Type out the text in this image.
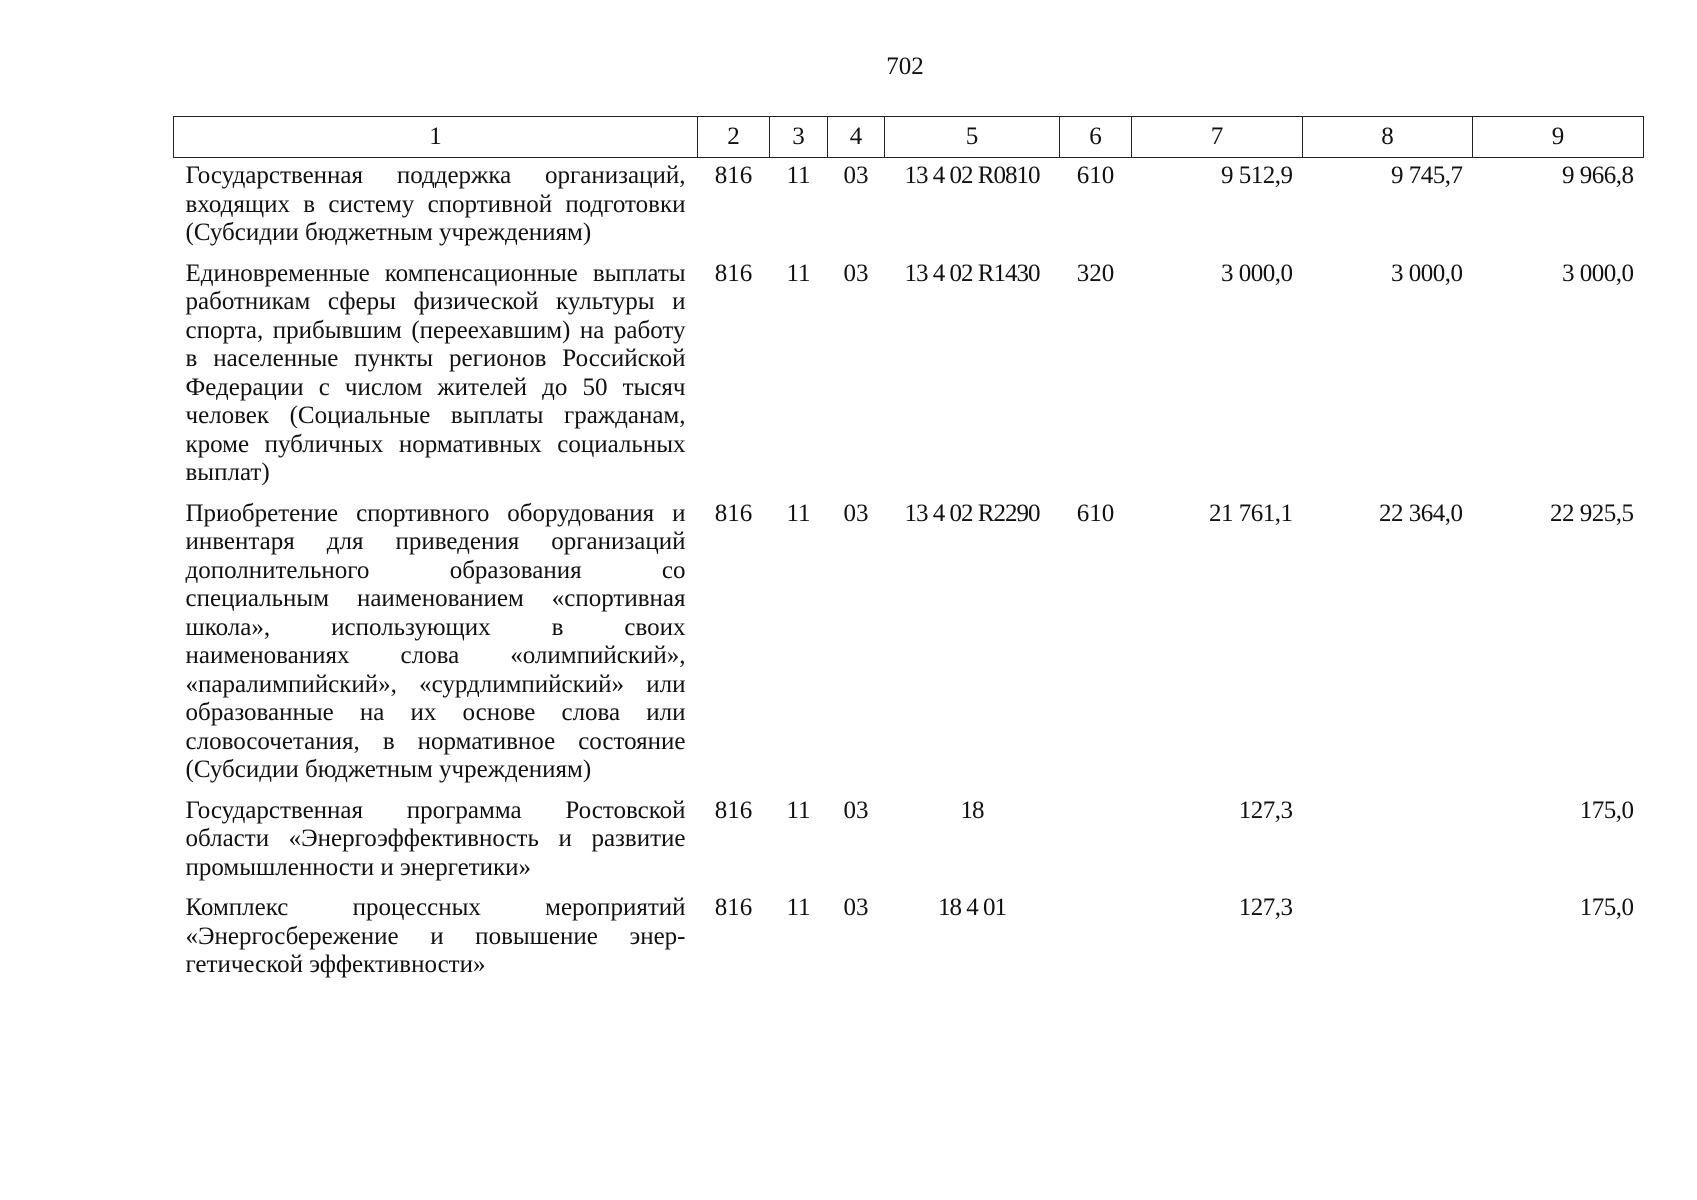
702
1	2	3	4	5	6	7	8	9
Государственная поддержка организаций, входящих в систему спортивной подготовки (Субсидии бюджетным учреждениям)	816	11	03	13 4 02 R0810	610	9 512,9	9 745,7	9 966,8
Единовременные компенсационные выплаты работникам сферы физической культуры и спорта, прибывшим (переехавшим) на работу в населенные пункты регионов Российской Федерации с числом жителей до 50 тысяч человек (Социальные выплаты гражданам, кроме публичных нормативных социальных выплат)	816	11	03	13 4 02 R1430	320	3 000,0	3 000,0	3 000,0
Приобретение спортивного оборудования и инвентаря для приведения организаций дополнительного образования со специальным наименованием «спортивная школа», использующих в своих наименованиях слова «олимпийский», «паралимпийский», «сурдлимпийский» или образованные на их основе слова или словосочетания, в нормативное состояние (Субсидии бюджетным учреждениям)	816	11	03	13 4 02 R2290	610	21 761,1	22 364,0	22 925,5
Государственная программа Ростовской области «Энергоэффективность и развитие промышленности и энергетики»	816	11	03	18		127,3		175,0
Комплекс процессных мероприятий «Энергосбережение и повышение энергетической эффективности»	816	11	03	18 4 01		127,3		175,0
